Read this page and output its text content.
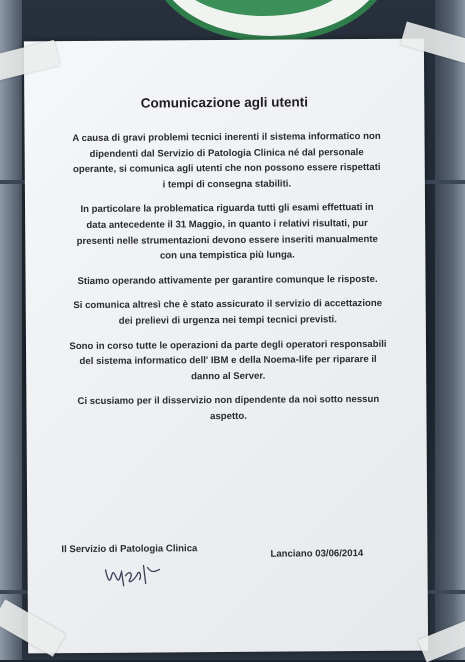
Comunicazione agli utenti

A causa di gravi problemi tecnici inerenti il sistema informatico non
dipendenti dal Servizio di Patologia Clinica né dal personale
operante, si comunica agli utenti che non possono essere rispettati
i tempi di consegna stabiliti.

In particolare la problematica riguarda tutti gli esami effettuati in
data antecedente il 31 Maggio, in quanto i relativi risultati, pur
presenti nelle strumentazioni devono essere inseriti manualmente
con una tempistica più lunga.

Stiamo operando attivamente per garantire comunque le risposte.

Si comunica altresì che è stato assicurato il servizio di accettazione
dei prelievi di urgenza nei tempi tecnici previsti.

Sono in corso tutte le operazioni da parte degli operatori responsabili
del sistema informatico dell' IBM e della Noema-life per riparare il
danno al Server.

Ci scusiamo per il disservizio non dipendente da noi sotto nessun
aspetto.

Il Servizio di Patologia Clinica	Lanciano 03/06/2014
